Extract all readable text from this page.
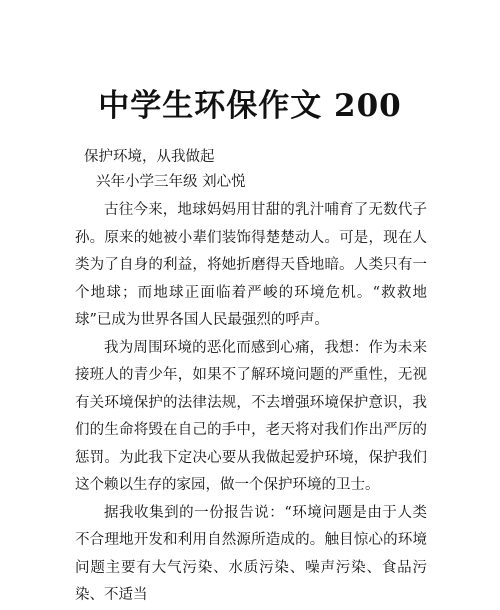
中学生环保作文 200
保护环境，从我做起
兴年小学三年级 刘心悦

古往今来，地球妈妈用甘甜的乳汁哺育了无数代子孙。原来的她被小辈们装饰得楚楚动人。可是，现在人类为了自身的利益，将她折磨得天昏地暗。人类只有一个地球；而地球正面临着严峻的环境危机。“救救地球”已成为世界各国人民最强烈的呼声。

我为周围环境的恶化而感到心痛，我想：作为未来接班人的青少年，如果不了解环境问题的严重性，无视有关环境保护的法律法规，不去增强环境保护意识，我们的生命将毁在自己的手中，老天将对我们作出严厉的惩罚。为此我下定决心要从我做起爱护环境，保护我们这个赖以生存的家园，做一个保护环境的卫士。

据我收集到的一份报告说：“环境问题是由于人类不合理地开发和利用自然源所造成的。触目惊心的环境问题主要有大气污染、水质污染、噪声污染、食品污染、不适当
